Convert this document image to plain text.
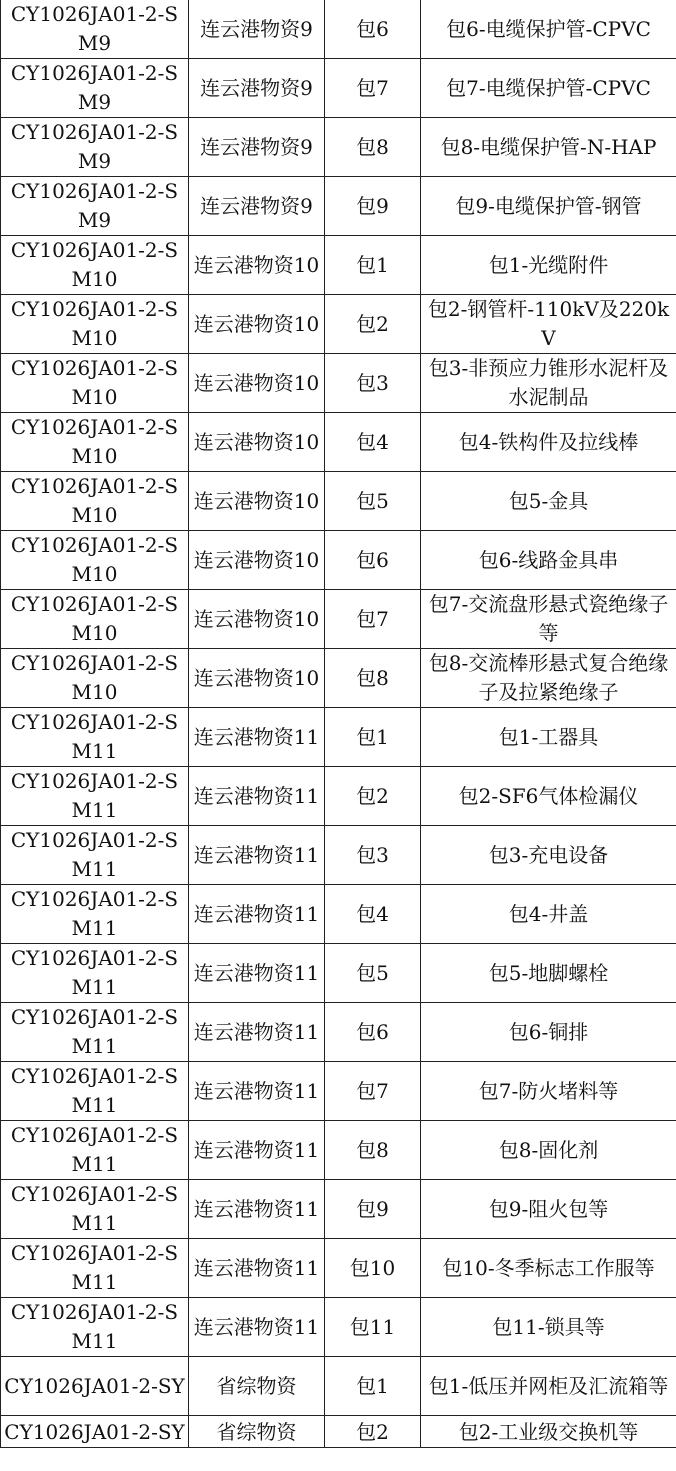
CY1026JA01-2-SM9	连云港物资9	包6	包6-电缆保护管-CPVC
CY1026JA01-2-SM9	连云港物资9	包7	包7-电缆保护管-CPVC
CY1026JA01-2-SM9	连云港物资9	包8	包8-电缆保护管-N-HAP
CY1026JA01-2-SM9	连云港物资9	包9	包9-电缆保护管-钢管
CY1026JA01-2-SM10	连云港物资10	包1	包1-光缆附件
CY1026JA01-2-SM10	连云港物资10	包2	包2-钢管杆-110kV及220kV
CY1026JA01-2-SM10	连云港物资10	包3	包3-非预应力锥形水泥杆及水泥制品
CY1026JA01-2-SM10	连云港物资10	包4	包4-铁构件及拉线棒
CY1026JA01-2-SM10	连云港物资10	包5	包5-金具
CY1026JA01-2-SM10	连云港物资10	包6	包6-线路金具串
CY1026JA01-2-SM10	连云港物资10	包7	包7-交流盘形悬式瓷绝缘子等
CY1026JA01-2-SM10	连云港物资10	包8	包8-交流棒形悬式复合绝缘子及拉紧绝缘子
CY1026JA01-2-SM11	连云港物资11	包1	包1-工器具
CY1026JA01-2-SM11	连云港物资11	包2	包2-SF6气体检漏仪
CY1026JA01-2-SM11	连云港物资11	包3	包3-充电设备
CY1026JA01-2-SM11	连云港物资11	包4	包4-井盖
CY1026JA01-2-SM11	连云港物资11	包5	包5-地脚螺栓
CY1026JA01-2-SM11	连云港物资11	包6	包6-铜排
CY1026JA01-2-SM11	连云港物资11	包7	包7-防火堵料等
CY1026JA01-2-SM11	连云港物资11	包8	包8-固化剂
CY1026JA01-2-SM11	连云港物资11	包9	包9-阻火包等
CY1026JA01-2-SM11	连云港物资11	包10	包10-冬季标志工作服等
CY1026JA01-2-SM11	连云港物资11	包11	包11-锁具等
CY1026JA01-2-SY	省综物资	包1	包1-低压并网柜及汇流箱等
CY1026JA01-2-SY	省综物资	包2	包2-工业级交换机等
